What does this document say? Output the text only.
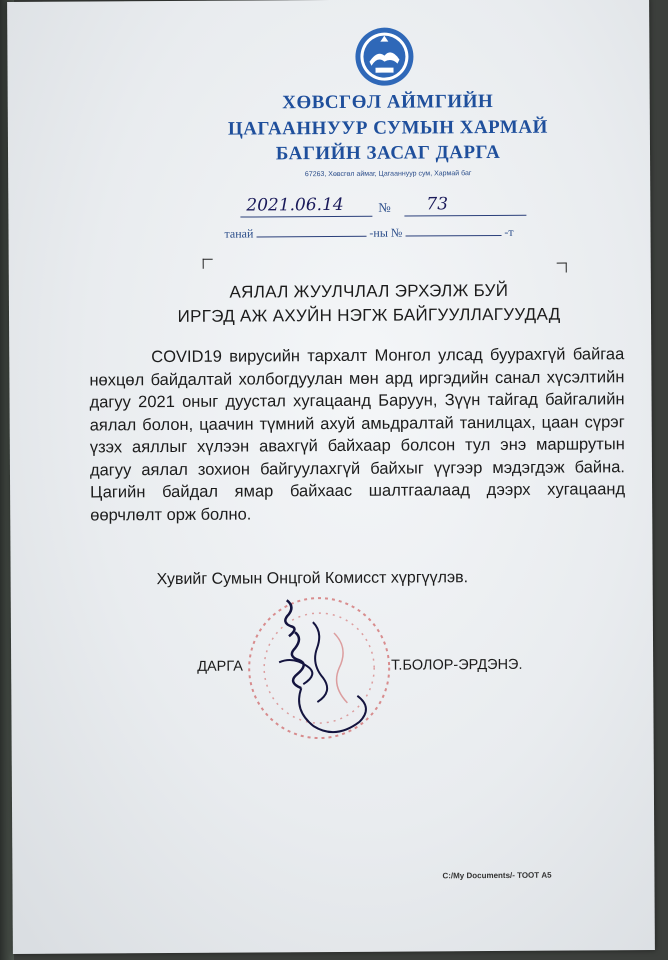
ХӨВСГӨЛ АЙМГИЙН
ЦАГААННУУР СУМЫН ХАРМАЙ
БАГИЙН ЗАСАГ ДАРГА
67263, Хөвсгөл аймаг, Цагааннуур сум, Хармай баг
2021.06.14	№	73
танай	-ны №	-т
АЯЛАЛ ЖУУЛЧЛАЛ ЭРХЭЛЖ БУЙ
ИРГЭД АЖ АХУЙН НЭГЖ БАЙГУУЛЛАГУУДАД
COVID19 вирусийн тархалт Монгол улсад буурахгүй байгаа нөхцөл байдалтай холбогдуулан мөн ард иргэдийн санал хүсэлтийн дагуу 2021 оныг дуустал хугацаанд Баруун, Зүүн тайгад байгалийн аялал болон, цаачин түмний ахуй амьдралтай танилцах, цаан сүрэг үзэх аяллыг хүлээн авахгүй байхаар болсон тул энэ маршрутын дагуу аялал зохион байгуулахгүй байхыг үүгээр мэдэгдэж байна. Цагийн байдал ямар байхаас шалтгаалаад дээрх хугацаанд өөрчлөлт орж болно.
Хувийг Сумын Онцгой Комисст хүргүүлэв.
ДАРГА	Т.БОЛОР-ЭРДЭНЭ.
C:/My Documents/- ТООТ А5
